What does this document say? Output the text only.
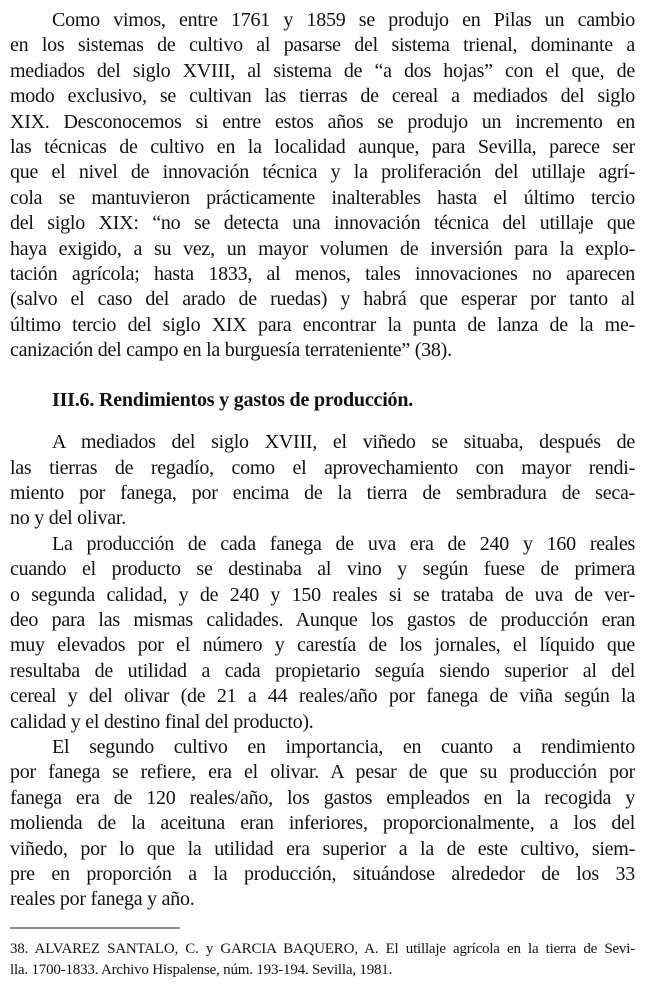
Como vimos, entre 1761 y 1859 se produjo en Pilas un cambio
en los sistemas de cultivo al pasarse del sistema trienal, dominante a
mediados del siglo XVIII, al sistema de “a dos hojas” con el que, de
modo exclusivo, se cultivan las tierras de cereal a mediados del siglo
XIX. Desconocemos si entre estos años se produjo un incremento en
las técnicas de cultivo en la localidad aunque, para Sevilla, parece ser
que el nivel de innovación técnica y la proliferación del utillaje agrí-
cola se mantuvieron prácticamente inalterables hasta el último tercio
del siglo XIX: “no se detecta una innovación técnica del utillaje que
haya exigido, a su vez, un mayor volumen de inversión para la explo-
tación agrícola; hasta 1833, al menos, tales innovaciones no aparecen
(salvo el caso del arado de ruedas) y habrá que esperar por tanto al
último tercio del siglo XIX para encontrar la punta de lanza de la me-
canización del campo en la burguesía terrateniente” (38).
III.6. Rendimientos y gastos de producción.
A mediados del siglo XVIII, el viñedo se situaba, después de
las tierras de regadío, como el aprovechamiento con mayor rendi-
miento por fanega, por encima de la tierra de sembradura de seca-
no y del olivar.
La producción de cada fanega de uva era de 240 y 160 reales
cuando el producto se destinaba al vino y según fuese de primera
o segunda calidad, y de 240 y 150 reales si se trataba de uva de ver-
deo para las mismas calidades. Aunque los gastos de producción eran
muy elevados por el número y carestía de los jornales, el líquido que
resultaba de utilidad a cada propietario seguía siendo superior al del
cereal y del olivar (de 21 a 44 reales/año por fanega de viña según la
calidad y el destino final del producto).
El segundo cultivo en importancia, en cuanto a rendimiento
por fanega se refiere, era el olivar. A pesar de que su producción por
fanega era de 120 reales/año, los gastos empleados en la recogida y
molienda de la aceituna eran inferiores, proporcionalmente, a los del
viñedo, por lo que la utilidad era superior a la de este cultivo, siem-
pre en proporción a la producción, situándose alrededor de los 33
reales por fanega y año.
38. ALVAREZ SANTALO, C. y GARCIA BAQUERO, A. El utillaje agrícola en la tierra de Sevi-
lla. 1700-1833. Archivo Hispalense, núm. 193-194. Sevilla, 1981.
